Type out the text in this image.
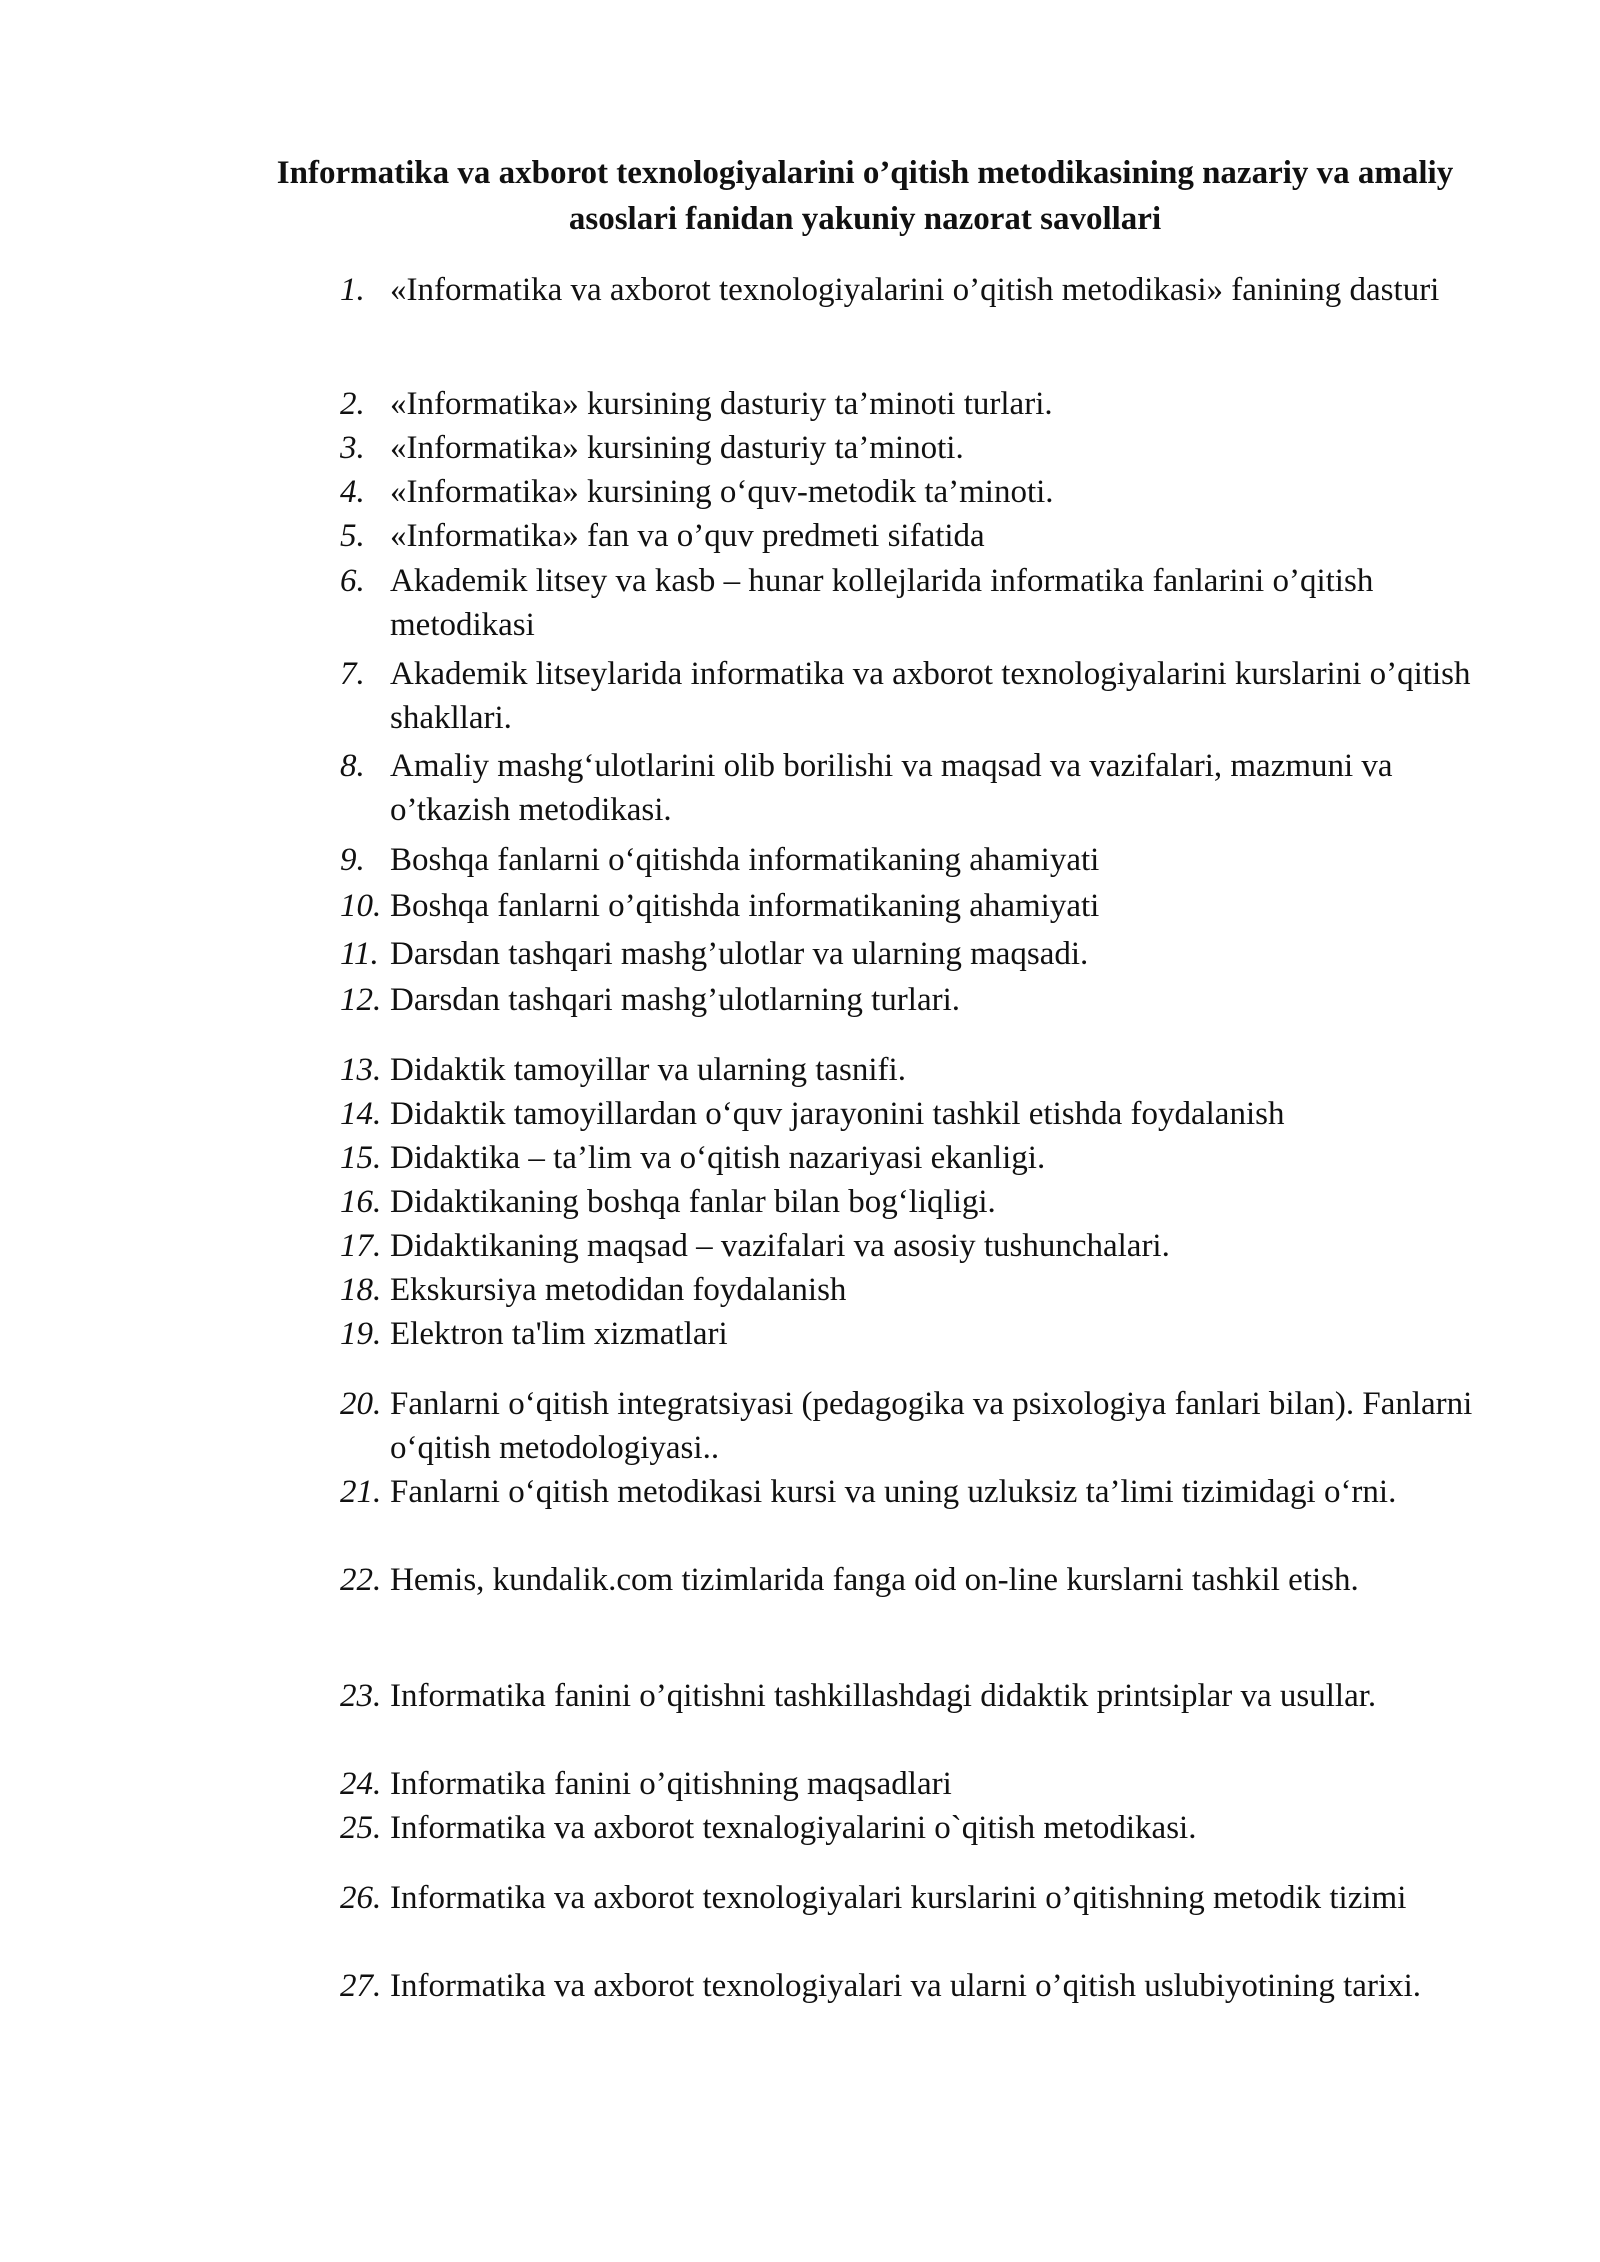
Informatika va axborot texnologiyalarini o’qitish metodikasining nazariy va amaliy asoslari fanidan yakuniy nazorat savollari
1. «Informatika va axborot texnologiyalarini o’qitish metodikasi» fanining dasturi
2. «Informatika» kursining dasturiy ta’minoti turlari.
3. «Informatika» kursining dasturiy ta’minoti.
4. «Informatika» kursining o‘quv-metodik ta’minoti.
5. «Informatika» fan va o’quv predmeti sifatida
6. Akademik litsey va kasb – hunar kollejlarida informatika fanlarini o’qitish metodikasi
7. Akademik litseylarida informatika va axborot texnologiyalarini kurslarini o’qitish shakllari.
8. Amaliy mashg‘ulotlarini olib borilishi va maqsad va vazifalari, mazmuni va o’tkazish metodikasi.
9. Boshqa fanlarni o‘qitishda informatikaning ahamiyati
10. Boshqa fanlarni o’qitishda informatikaning ahamiyati
11. Darsdan tashqari mashg’ulotlar va ularning maqsadi.
12. Darsdan tashqari mashg’ulotlarning turlari.
13. Didaktik tamoyillar va ularning tasnifi.
14. Didaktik tamoyillardan o‘quv jarayonini tashkil etishda foydalanish
15. Didaktika – ta’lim va o‘qitish nazariyasi ekanligi.
16. Didaktikaning boshqa fanlar bilan bog‘liqligi.
17. Didaktikaning maqsad – vazifalari va asosiy tushunchalari.
18. Ekskursiya metodidan foydalanish
19. Elektron ta'lim xizmatlari
20. Fanlarni o‘qitish integratsiyasi (pedagogika va psixologiya fanlari bilan). Fanlarni o‘qitish metodologiyasi..
21. Fanlarni o‘qitish metodikasi kursi va uning uzluksiz ta’limi tizimidagi o‘rni.
22. Hemis, kundalik.com tizimlarida fanga oid on-line kurslarni tashkil etish.
23. Informatika fanini o’qitishni tashkillashdagi didaktik printsiplar va usullar.
24. Informatika fanini o’qitishning maqsadlari
25. Informatika va axborot texnalogiyalarini o`qitish metodikasi.
26. Informatika va axborot texnologiyalari kurslarini o’qitishning metodik tizimi
27. Informatika va axborot texnologiyalari va ularni o’qitish uslubiyotining tarixi.
